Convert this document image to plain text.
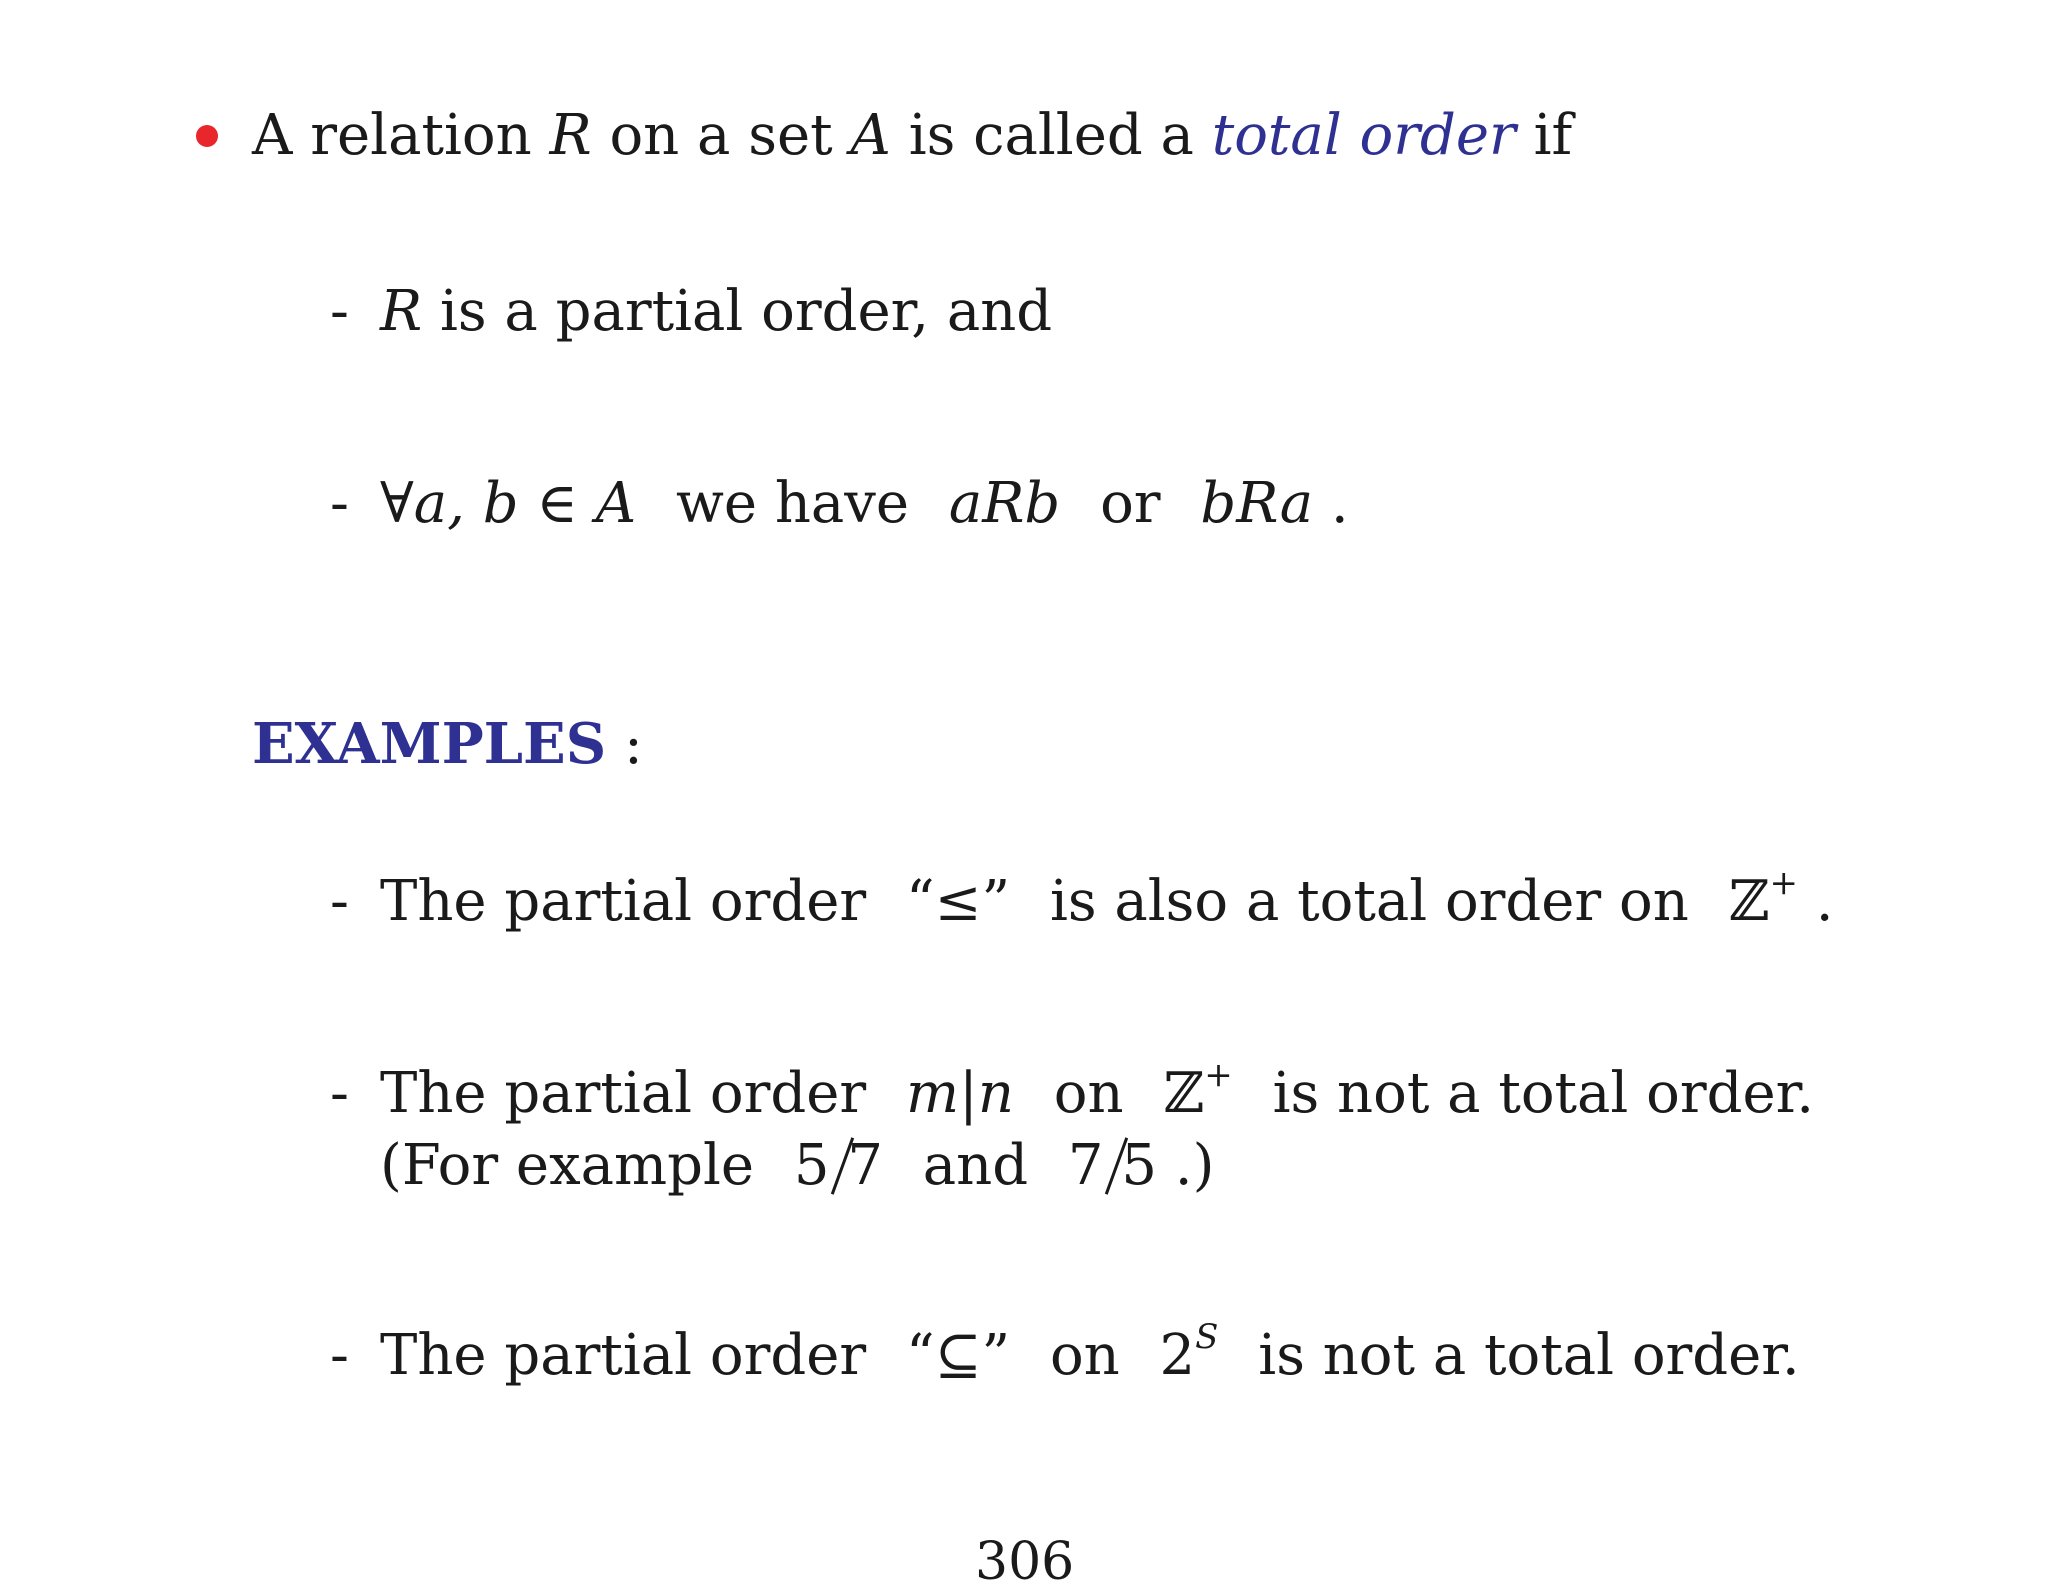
A relation R on a set A is called a total order if
- R is a partial order, and
- ∀a, b ∈ A we have aRb or bRa .
EXAMPLES :
- The partial order “≤” is also a total order on ℤ+ .
- The partial order m|n on ℤ+ is not a total order.
(For example 5 7 and 7 5 .)
- The partial order “⊆” on $2^S$ is not a total order.
306
